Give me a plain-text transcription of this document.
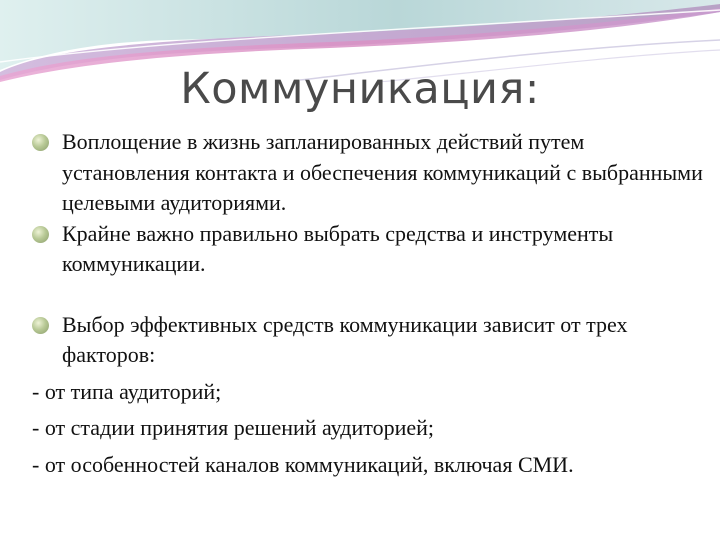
Коммуникация:
Воплощение в жизнь запланированных действий путем установления контакта и обеспечения коммуникаций с выбранными целевыми аудиториями.
Крайне важно правильно выбрать средства и инструменты коммуникации.
Выбор эффективных средств коммуникации зависит от трех факторов:
- от типа аудиторий;
- от стадии принятия решений аудиторией;
- от особенностей каналов коммуникаций, включая СМИ.
